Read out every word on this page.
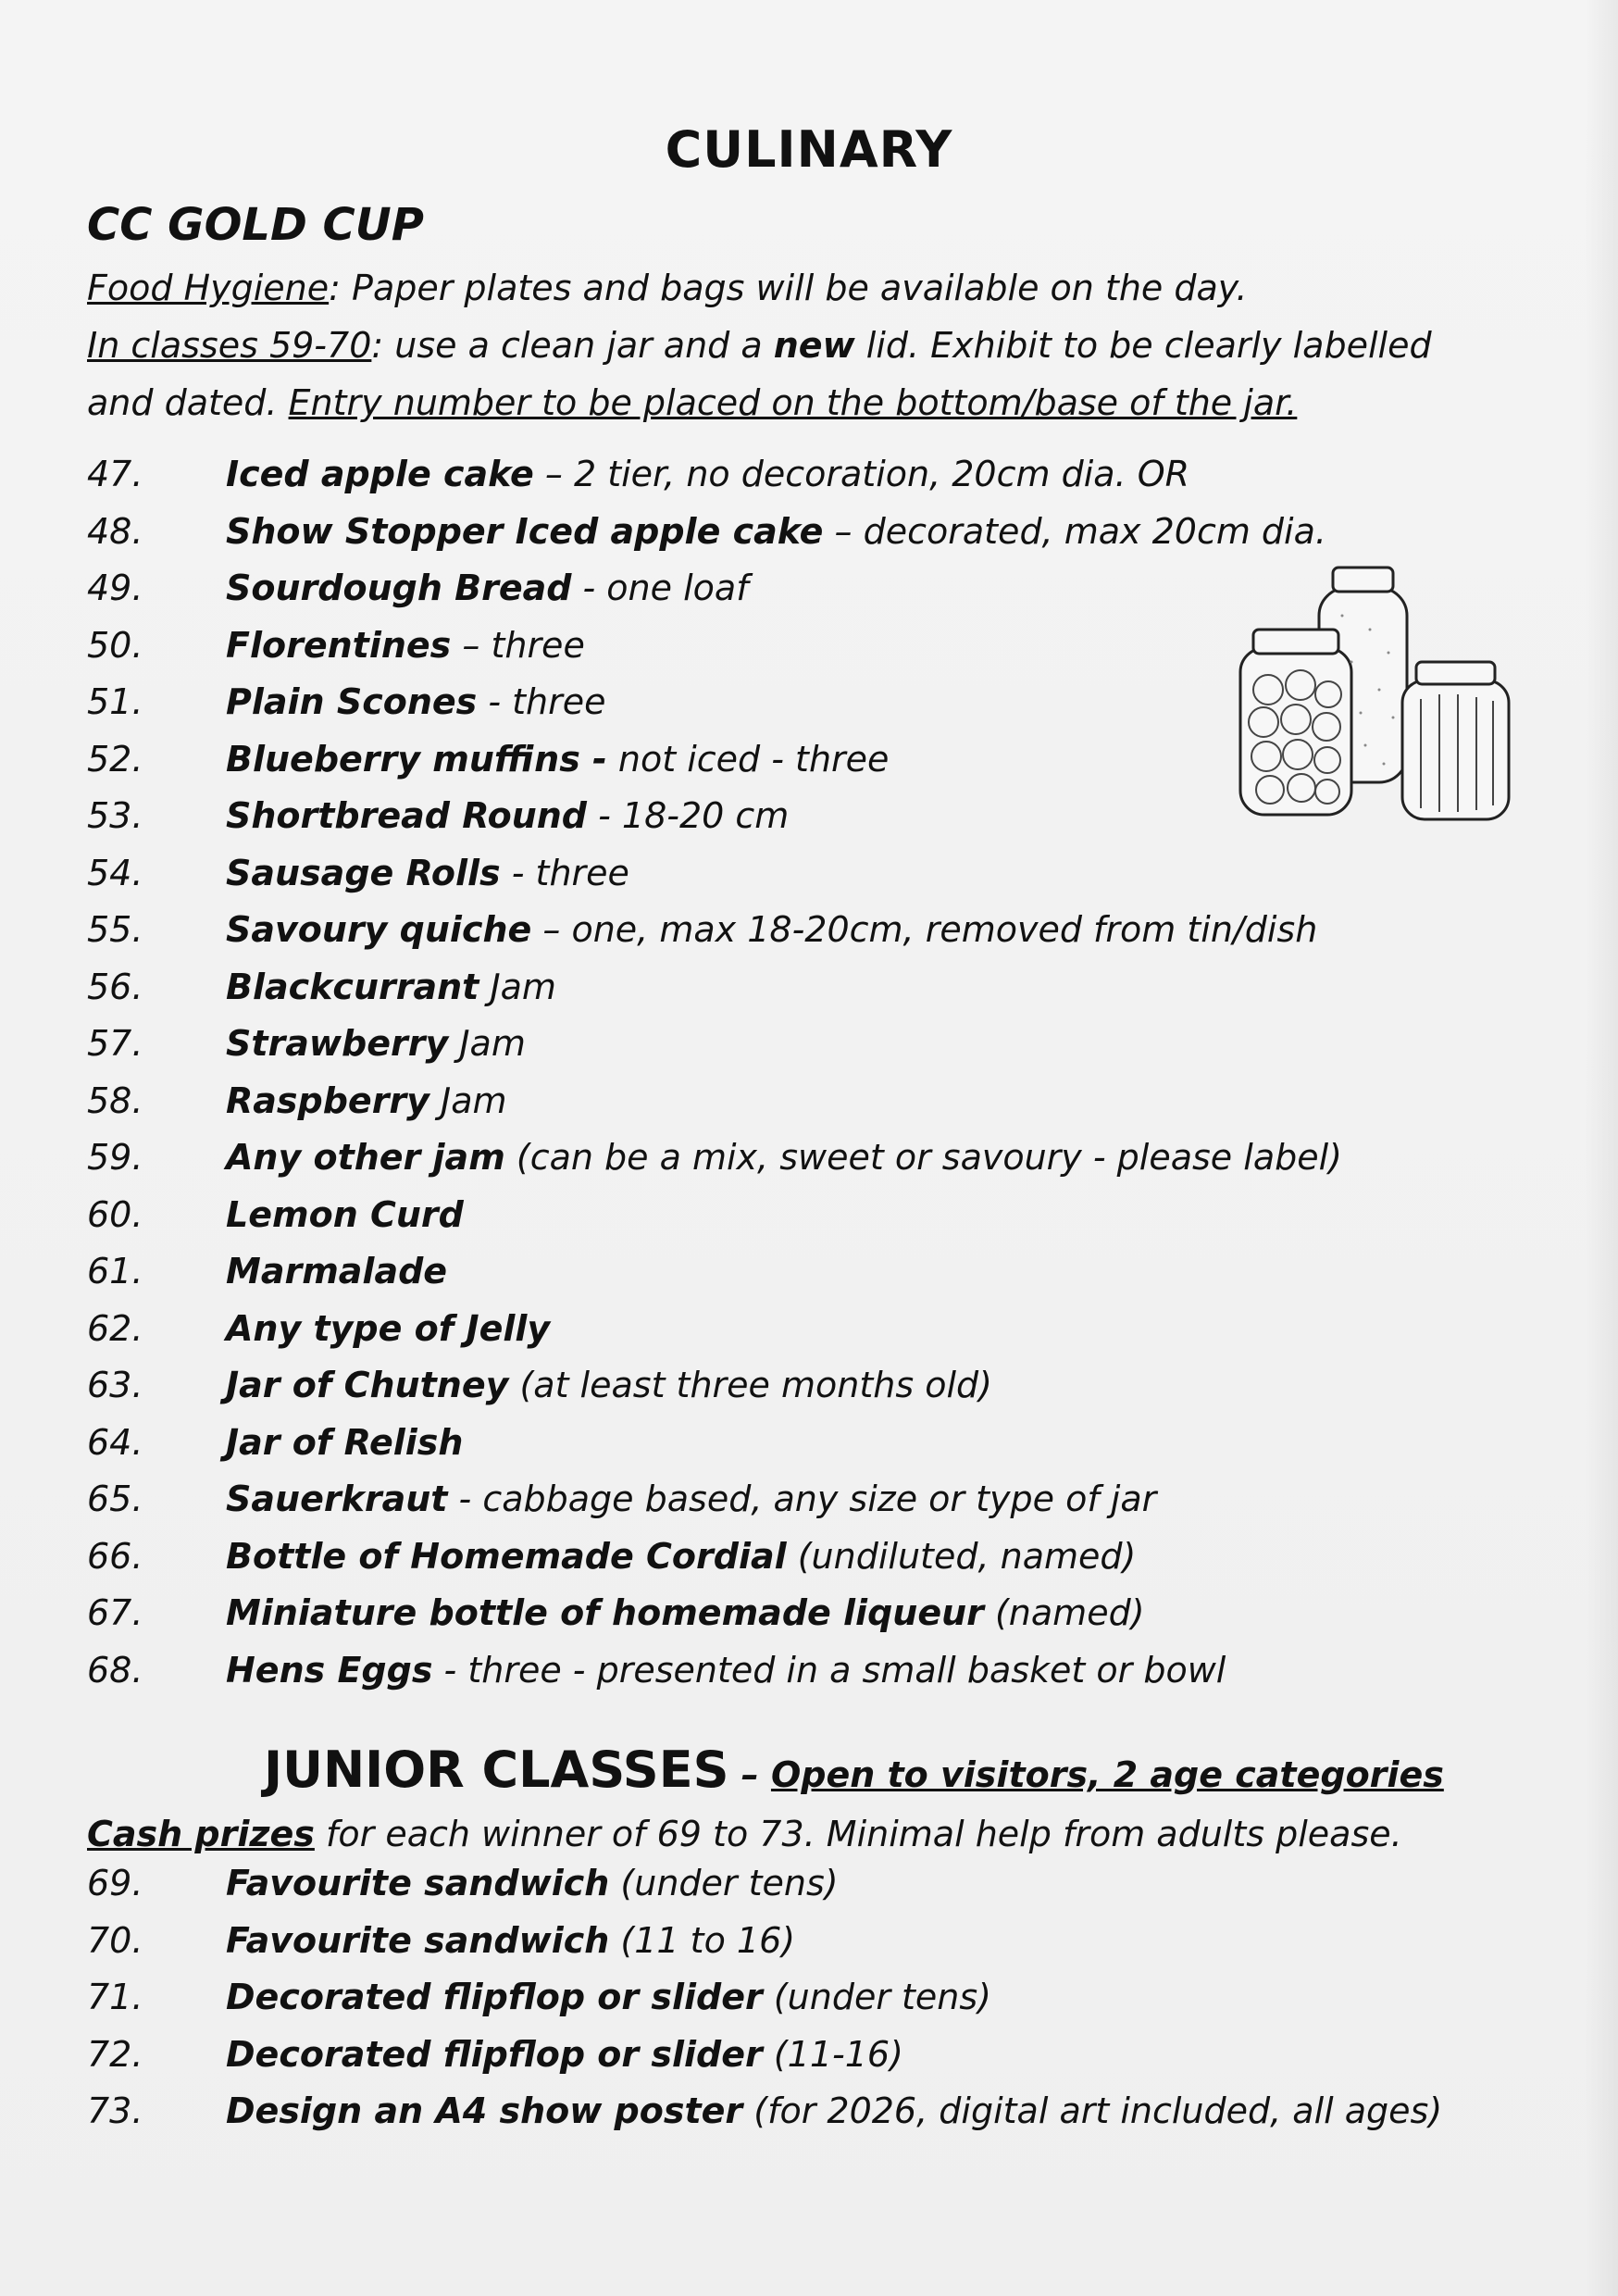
CULINARY
CC GOLD CUP
Food Hygiene: Paper plates and bags will be available on the day.
In classes 59-70: use a clean jar and a new lid. Exhibit to be clearly labelled
and dated. Entry number to be placed on the bottom/base of the jar.
47.	Iced apple cake – 2 tier, no decoration, 20cm dia. OR
48.	Show Stopper Iced apple cake – decorated, max 20cm dia.
49.	Sourdough Bread - one loaf
50.	Florentines – three
51.	Plain Scones - three
52.	Blueberry muffins - not iced - three
53.	Shortbread Round - 18-20 cm
54.	Sausage Rolls - three
55.	Savoury quiche – one, max 18-20cm, removed from tin/dish
56.	Blackcurrant Jam
57.	Strawberry Jam
58.	Raspberry Jam
59.	Any other jam (can be a mix, sweet or savoury - please label)
60.	Lemon Curd
61.	Marmalade
62.	Any type of Jelly
63.	Jar of Chutney (at least three months old)
64.	Jar of Relish
65.	Sauerkraut - cabbage based, any size or type of jar
66.	Bottle of Homemade Cordial (undiluted, named)
67.	Miniature bottle of homemade liqueur (named)
68.	Hens Eggs - three - presented in a small basket or bowl
JUNIOR CLASSES – Open to visitors, 2 age categories
Cash prizes for each winner of 69 to 73. Minimal help from adults please.
69.	Favourite sandwich (under tens)
70.	Favourite sandwich (11 to 16)
71.	Decorated flipflop or slider (under tens)
72.	Decorated flipflop or slider (11-16)
73.	Design an A4 show poster (for 2026, digital art included, all ages)
